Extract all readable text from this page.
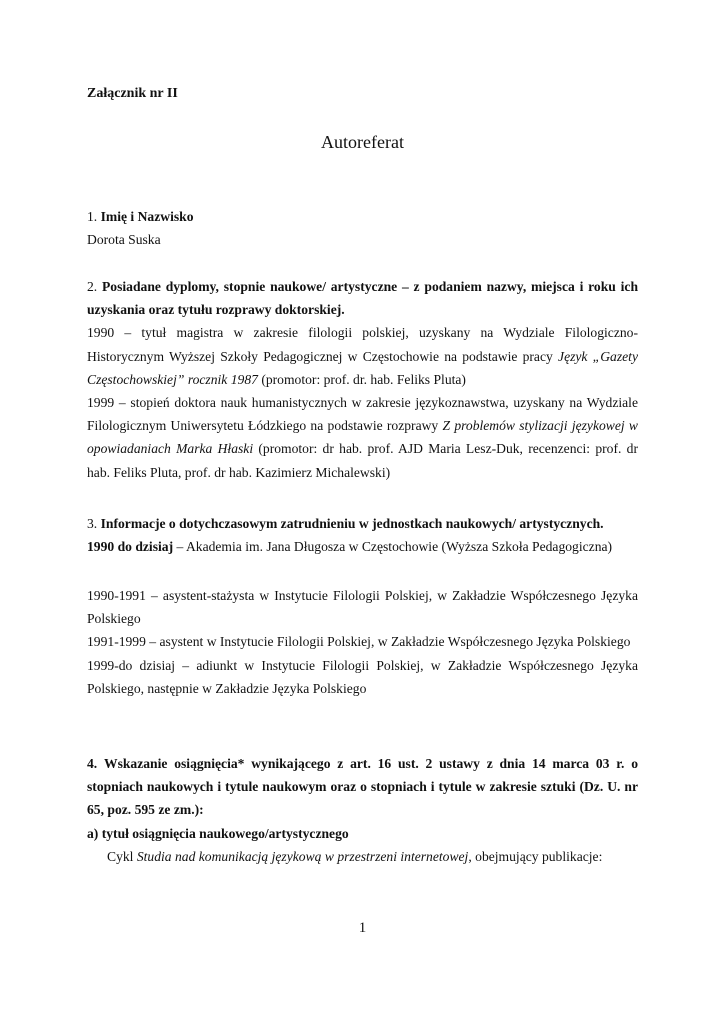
Załącznik nr II
Autoreferat

1. Imię i Nazwisko

Dorota Suska

2. Posiadane dyplomy, stopnie naukowe/ artystyczne – z podaniem nazwy, miejsca i roku ich uzyskania oraz tytułu rozprawy doktorskiej.

1990 – tytuł magistra w zakresie filologii polskiej, uzyskany na Wydziale Filologiczno-Historycznym Wyższej Szkoły Pedagogicznej w Częstochowie na podstawie pracy Język „Gazety Częstochowskiej” rocznik 1987 (promotor: prof. dr. hab. Feliks Pluta)

1999 – stopień doktora nauk humanistycznych w zakresie językoznawstwa, uzyskany na Wydziale Filologicznym Uniwersytetu Łódzkiego na podstawie rozprawy Z problemów stylizacji językowej w opowiadaniach Marka Hłaski (promotor: dr hab. prof. AJD Maria Lesz-Duk, recenzenci: prof. dr hab. Feliks Pluta, prof. dr hab. Kazimierz Michalewski)

3. Informacje o dotychczasowym zatrudnieniu w jednostkach naukowych/ artystycznych.

1990 do dzisiaj – Akademia im. Jana Długosza w Częstochowie (Wyższa Szkoła Pedagogiczna)

1990-1991 – asystent-stażysta w Instytucie Filologii Polskiej, w Zakładzie Współczesnego Języka Polskiego

1991-1999 – asystent w Instytucie Filologii Polskiej, w Zakładzie Współczesnego Języka Polskiego

1999-do dzisiaj – adiunkt w Instytucie Filologii Polskiej, w Zakładzie Współczesnego Języka Polskiego, następnie w Zakładzie Języka Polskiego

4. Wskazanie osiągnięcia* wynikającego z art. 16 ust. 2 ustawy z dnia 14 marca 03 r. o stopniach naukowych i tytule naukowym oraz o stopniach i tytule w zakresie sztuki (Dz. U. nr 65, poz. 595 ze zm.):

a) tytuł osiągnięcia naukowego/artystycznego

Cykl Studia nad komunikacją językową w przestrzeni internetowej, obejmujący publikacje:

1
